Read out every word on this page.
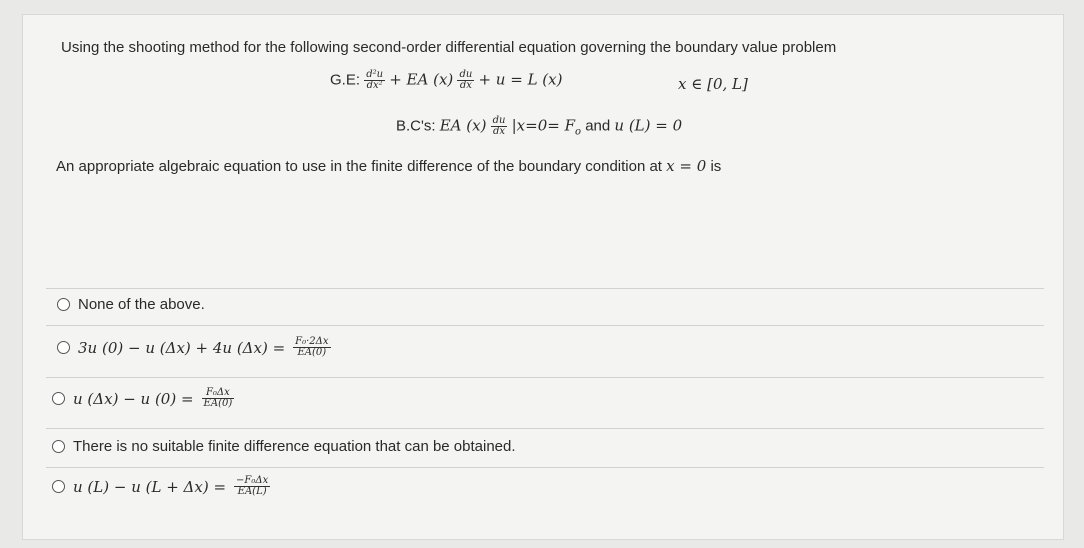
Using the shooting method for the following second-order differential equation governing the boundary value problem
G.E: $\frac{\text{d²u}}{\text{dx²}}$ + EA $(x) \frac{du}{dx} + u = L$ (x)	x ∈ [0, L]
B.C's: EA $(x) \frac{du}{dx} |x=0= F_o$ and u (L) = 0
An appropriate algebraic equation to use in the finite difference of the boundary condition at x = 0 is
None of the above.
3u (0) − u (Δx) + 4u $(\Delta x) = \frac{\text{F₀·2Δx}}{EA(0)}$
u (Δx) − u $(0) = \frac{\text{F₀Δx}}{EA(0)}$
There is no suitable finite difference equation that can be obtained.
u (L) − u $(L + \Delta x) = \frac{\text{−F₀Δx}}{EA(L)}$
